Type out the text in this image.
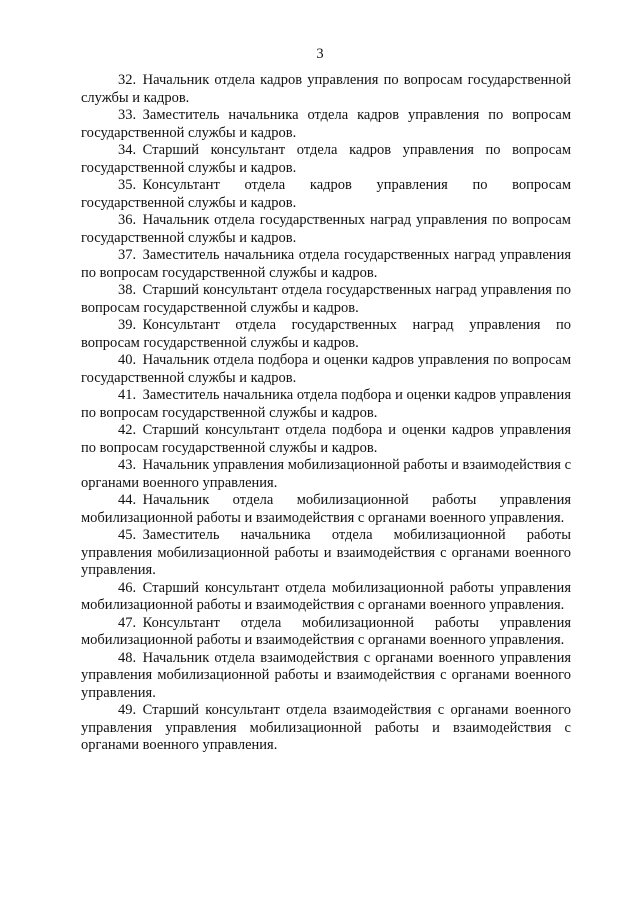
3

32. Начальник отдела кадров управления по вопросам государственной службы и кадров.

33. Заместитель начальника отдела кадров управления по вопросам государственной службы и кадров.

34. Старший консультант отдела кадров управления по вопросам государственной службы и кадров.

35. Консультант отдела кадров управления по вопросам государственной службы и кадров.

36. Начальник отдела государственных наград управления по вопросам государственной службы и кадров.

37. Заместитель начальника отдела государственных наград управления по вопросам государственной службы и кадров.

38. Старший консультант отдела государственных наград управления по вопросам государственной службы и кадров.

39. Консультант отдела государственных наград управления по вопросам государственной службы и кадров.

40. Начальник отдела подбора и оценки кадров управления по вопросам государственной службы и кадров.

41. Заместитель начальника отдела подбора и оценки кадров управления по вопросам государственной службы и кадров.

42. Старший консультант отдела подбора и оценки кадров управления по вопросам государственной службы и кадров.

43. Начальник управления мобилизационной работы и взаимодействия с органами военного управления.

44. Начальник отдела мобилизационной работы управления мобилизационной работы и взаимодействия с органами военного управления.

45. Заместитель начальника отдела мобилизационной работы управления мобилизационной работы и взаимодействия с органами военного управления.

46. Старший консультант отдела мобилизационной работы управления мобилизационной работы и взаимодействия с органами военного управления.

47. Консультант отдела мобилизационной работы управления мобилизационной работы и взаимодействия с органами военного управления.

48. Начальник отдела взаимодействия с органами военного управления управления мобилизационной работы и взаимодействия с органами военного управления.

49. Старший консультант отдела взаимодействия с органами военного управления управления мобилизационной работы и взаимодействия с органами военного управления.
